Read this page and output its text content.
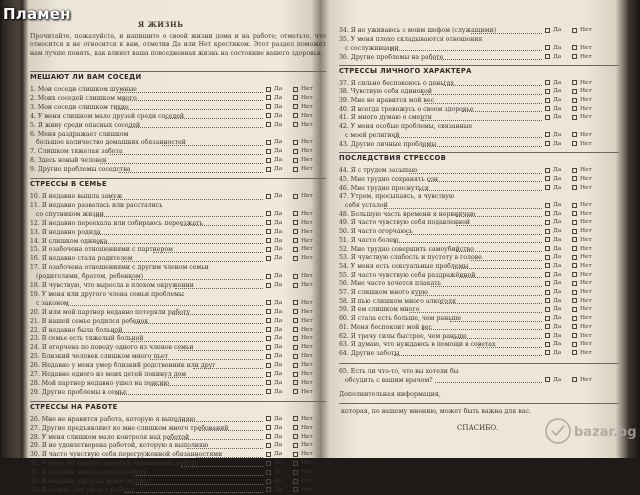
Я ЖИЗНЬ
Прочитайте, пожалуйста, и напишите о своей жизни дома и на работе; отметьте, что относится к не относится к вам, отметив Да или Нет крестиком. Этот раздел поможет нам лучше понять, как влияет ваша повседневная жизнь на состояние вашего здоровья.
МЕШАЮТ ЛИ ВАМ СОСЕДИ
1. Мои соседи слишком шумные	Да	Нет
2. Моих соседей слишком много	Да	Нет
3. Мои соседи слишком тихие	Да	Нет
4. У меня слишком мало друзей среди соседей	Да	Нет
5. Я живу среди опасных соседей	Да	Нет
6. Меня раздражает слишком
большое количество домашних обязанностей	Да	Нет
7. Слишком тяжелая забота	Да	Нет
8. Здесь новый человек	Да	Нет
9. Другие проблемы соседства	Да	Нет
СТРЕССЫ В СЕМЬЕ
10. Я недавно вышла замуж	Да	Нет
11. Я недавно развелась или расстались
со спутником жизни	Да	Нет
12. Я недавно переехала или собираюсь переезжать	Да	Нет
13. Я недавно родила	Да	Нет
14. Я слишком одинока	Да	Нет
15. Я озабочена отношениями с партнером	Да	Нет
16. Я недавно стала родителем	Да	Нет
17. Я озабочена отношениями с другим членом семьи
(родителями, братом, ребенком)	Да	Нет
18. Я чувствую, что выросла в плохом окружении	Да	Нет
19. У меня или другого члена семьи проблемы
с законом	Да	Нет
20. Я или мой партнер недавно потеряли работу	Да	Нет
21. В нашей семье родился ребенок	Да	Нет
22. Я недавно была больной	Да	Нет
23. В семье есть тяжелый больной	Да	Нет
24. Я огорчена по поводу одного из членов семьи	Да	Нет
25. Близкий человек слишком много пьет	Да	Нет
26. Недавно у меня умер близкий родственник или друг	Да	Нет
27. Недавно одного из моих детей покинул дом	Да	Нет
28. Мой партнер недавно ушел на пенсию	Да	Нет
29. Другие проблемы в семье	Да	Нет
СТРЕССЫ НА РАБОТЕ
26. Мне не нравится работа, которую я выполняю	Да	Нет
27. Другие предъявляют ко мне слишком много требований	Да	Нет
28. У меня слишком мало контроля над работой	Да	Нет
29. Я не удовлетворена работой, которую я выполняю	Да	Нет
30. Я часто чувствую себя перегруженной обязанностями	Да	Нет
31. У меня не хватает времени заканчивать работу	Да	Нет
32. Я недавно начала новую работу	Да	Нет
33. Я недавно ушла на новое место	Да	Нет
33. Я только что ушла с работы	Да	Нет
34. Я не уживаюсь с моим шефом (служащими)	Да	Нет
35. У меня плохо складываются отношения
с сослуживцами	Да	Нет
36. Другие проблемы на работе	Да	Нет
СТРЕССЫ ЛИЧНОГО ХАРАКТЕРА
37. Я сильно беспокоюсь о деньгах	Да	Нет
38. Чувствую себя одинокой	Да	Нет
39. Мне не нравится мой вес	Да	Нет
40. Я всегда тревожусь о своем здоровье	Да	Нет
41. Я много думаю о смерти	Да	Нет
42. У меня особые проблемы, связанные
с моей религией	Да	Нет
43. Другие личные проблемы	Да	Нет
ПОСЛЕДСТВИЯ СТРЕССОВ
44. Я с трудом засыпаю	Да	Нет
45. Мне трудно сохранять сон	Да	Нет
46. Мне трудно проснуться	Да	Нет
47. Утром, просыпаясь, я чувствую
себя усталой	Да	Нет
48. Большую часть времени я нервничаю	Да	Нет
49. Я часто чувствую себя подавленной	Да	Нет
50. Я часто огорчаюсь	Да	Нет
51. Я часто болею	Да	Нет
52. Мне трудно совершить самоубийство	Да	Нет
53. Я чувствую слабость и пустоту в голове	Да	Нет
54. У меня есть сексуальные проблемы	Да	Нет
55. Я часто чувствую себя раздражённой	Да	Нет
56. Мне часто хочется плакать	Да	Нет
57. Я слишком много курю	Да	Нет
58. Я пью слишком много алкоголя	Да	Нет
59. Я ем слишком много	Да	Нет
60. Я стала есть больше, чем раньше	Да	Нет
61. Меня беспокоит мой вес	Да	Нет
62. Я трачу силы быстрее, чем раньше	Да	Нет
63. Я думаю, что нуждаюсь в помощи в советах	Да	Нет
64. Другие заботы	Да	Нет
65. Есть ли что-то, что вы хотели бы
обсудить с вашим врачом?	Да	Нет
Дополнительная информация,
которая, по вашему мнению, может быть важна для вас.
СПАСИБО.
Пламен
bazar.bg
